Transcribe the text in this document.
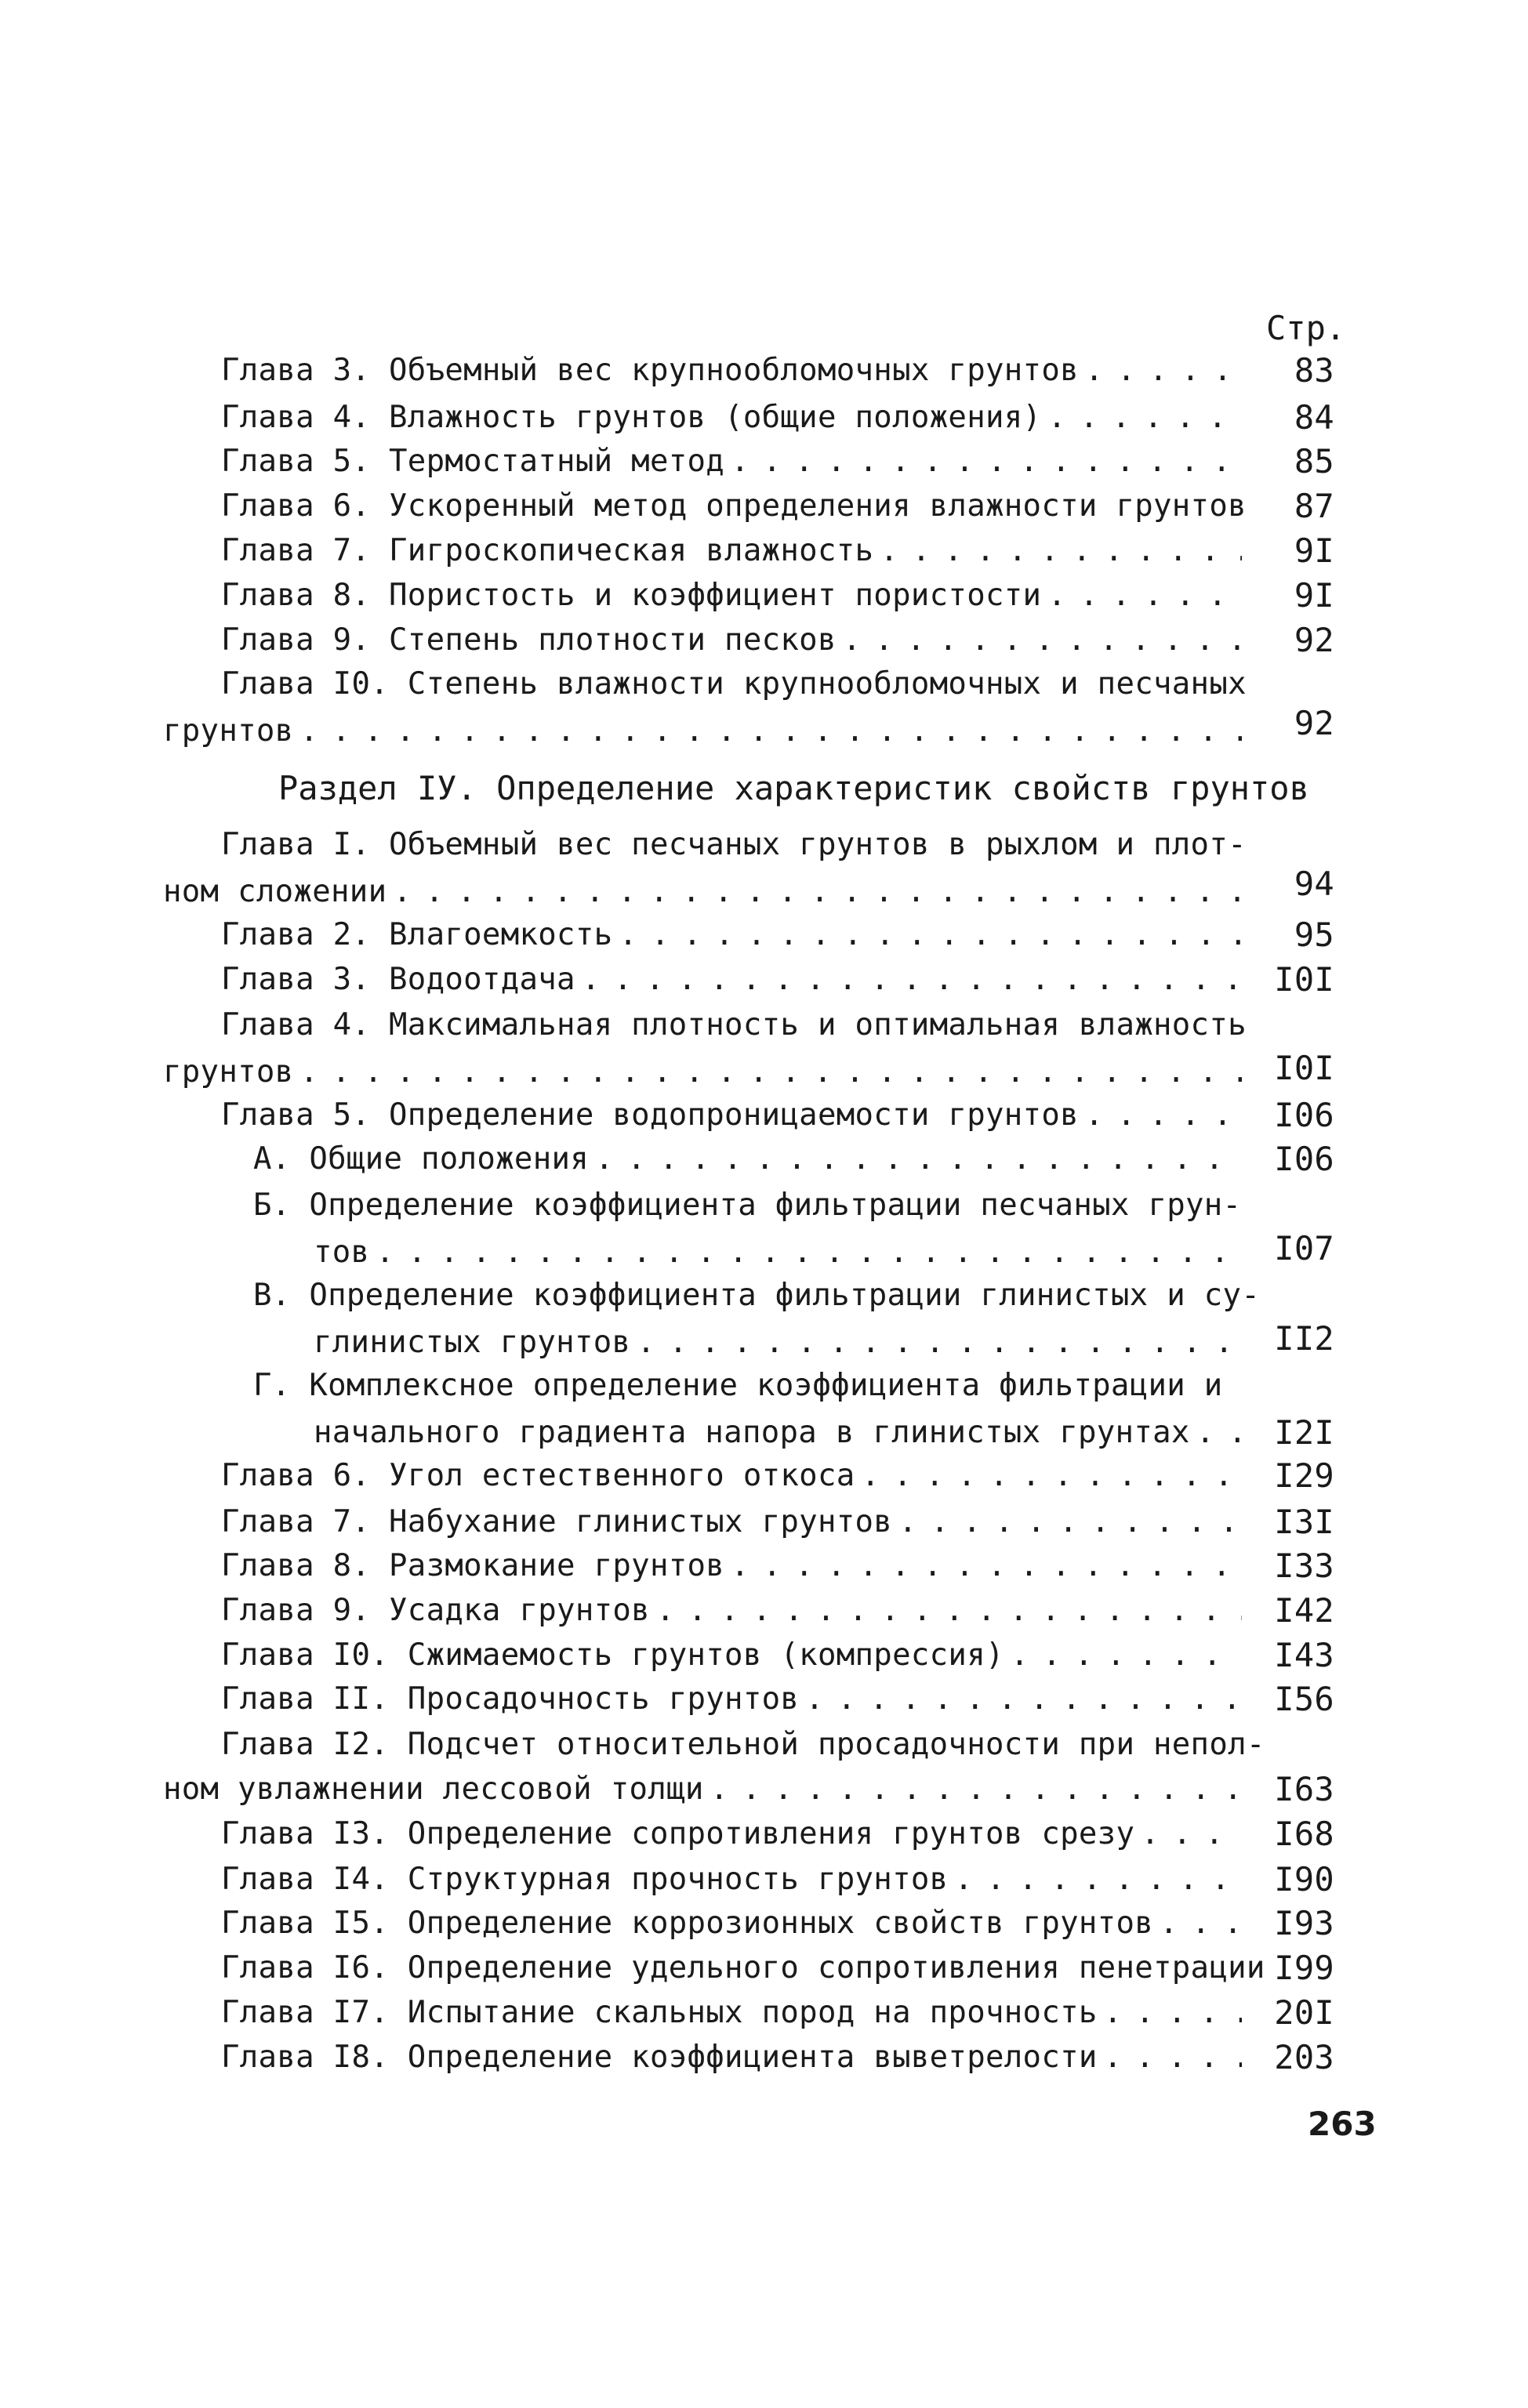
Стр.
Глава 3. Объемный вес крупнообломочных грунтов . . .	83
Глава 4. Влажность грунтов (общие положения) . . .	84
Глава 5. Термостатный метод . . .	85
Глава 6. Ускоренный метод определения влажности грунтов	87
Глава 7. Гигроскопическая влажность . . .	9I
Глава 8. Пористость и коэффициент пористости . . .	9I
Глава 9. Степень плотности песков . . .	92
Глава I0. Степень влажности крупнообломочных и песчаных
грунтов . . .	92
Раздел IУ. Определение характеристик свойств грунтов
Глава I. Объемный вес песчаных грунтов в рыхлом и плот-
ном сложении . . .	94
Глава 2. Влагоемкость . . .	95
Глава 3. Водоотдача . . .	I0I
Глава 4. Максимальная плотность и оптимальная влажность
грунтов . . .	I0I
Глава 5. Определение водопроницаемости грунтов . . .	I06
А. Общие положения . . .	I06
Б. Определение коэффициента фильтрации песчаных грун-
тов . . .	I07
В. Определение коэффициента фильтрации глинистых и су-
глинистых грунтов . . .	II2
Г. Комплексное определение коэффициента фильтрации и
начального градиента напора в глинистых грунтах . . .	I2I
Глава 6. Угол естественного откоса . . .	I29
Глава 7. Набухание глинистых грунтов . . .	I3I
Глава 8. Размокание грунтов . . .	I33
Глава 9. Усадка грунтов . . .	I42
Глава I0. Сжимаемость грунтов (компрессия) . . .	I43
Глава II. Просадочность грунтов . . .	I56
Глава I2. Подсчет относительной просадочности при непол-
ном увлажнении лессовой толщи . . .	I63
Глава I3. Определение сопротивления грунтов срезу . . .	I68
Глава I4. Структурная прочность грунтов . . .	I90
Глава I5. Определение коррозионных свойств грунтов . . .	I93
Глава I6. Определение удельного сопротивления пенетрации I99
Глава I7. Испытание скальных пород на прочность . . .	20I
Глава I8. Определение коэффициента выветрелости . . .	203
263
